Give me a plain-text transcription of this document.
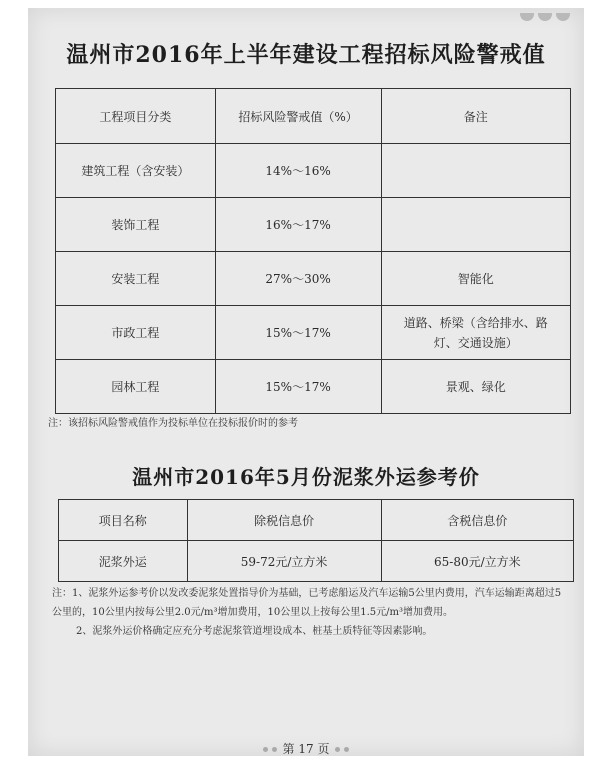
温州市2016年上半年建设工程招标风险警戒值
工程项目分类	招标风险警戒值（%）	备注
建筑工程（含安装）	14%～16%	
装饰工程	16%～17%	
安装工程	27%～30%	智能化
市政工程	15%～17%	道路、桥梁（含给排水、路灯、交通设施）
园林工程	15%～17%	景观、绿化
注：该招标风险警戒值作为投标单位在投标报价时的参考
温州市2016年5月份泥浆外运参考价
项目名称	除税信息价	含税信息价
泥浆外运	59-72元/立方米	65-80元/立方米
注：1、泥浆外运参考价以发改委泥浆处置指导价为基础，已考虑船运及汽车运输5公里内费用，汽车运输距离超过5公里的，10公里内按每公里2.0元/m³增加费用，10公里以上按每公里1.5元/m³增加费用。
2、泥浆外运价格确定应充分考虑泥浆管道埋设成本、桩基土质特征等因素影响。
第 17 页
